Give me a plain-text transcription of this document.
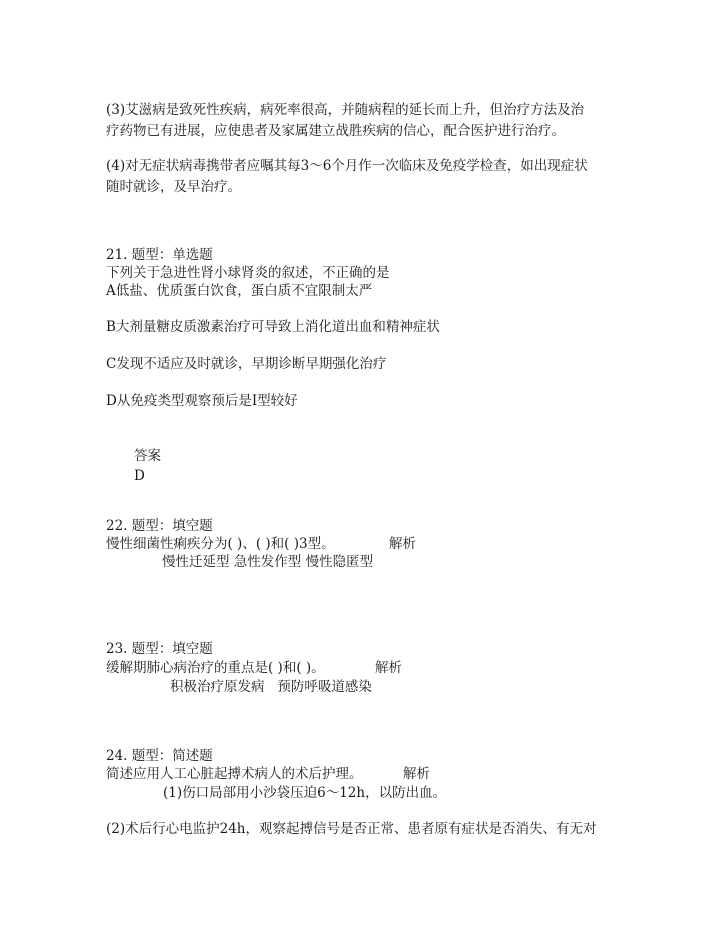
(3)艾滋病是致死性疾病，病死率很高，并随病程的延长而上升，但治疗方法及治
疗药物已有进展，应使患者及家属建立战胜疾病的信心，配合医护进行治疗。
(4)对无症状病毒携带者应嘱其每3～6个月作一次临床及免疫学检查，如出现症状
随时就诊，及早治疗。
21. 题型：单选题
下列关于急进性肾小球肾炎的叙述，不正确的是
A低盐、优质蛋白饮食，蛋白质不宜限制太严
B大剂量糖皮质激素治疗可导致上消化道出血和精神症状
C发现不适应及时就诊，早期诊断早期强化治疗
D从免疫类型观察预后是I型较好
答案
D
22. 题型：填空题
慢性细菌性痢疾分为( )、( )和( )3型。	解析
慢性迁延型 急性发作型 慢性隐匿型
23. 题型：填空题
缓解期肺心病治疗的重点是( )和( )。	解析
积极治疗原发病   预防呼吸道感染
24. 题型：简述题
简述应用人工心脏起搏术病人的术后护理。	解析
(1)伤口局部用小沙袋压迫6～12h，以防出血。
(2)术后行心电监护24h，观察起搏信号是否正常、患者原有症状是否消失、有无对
